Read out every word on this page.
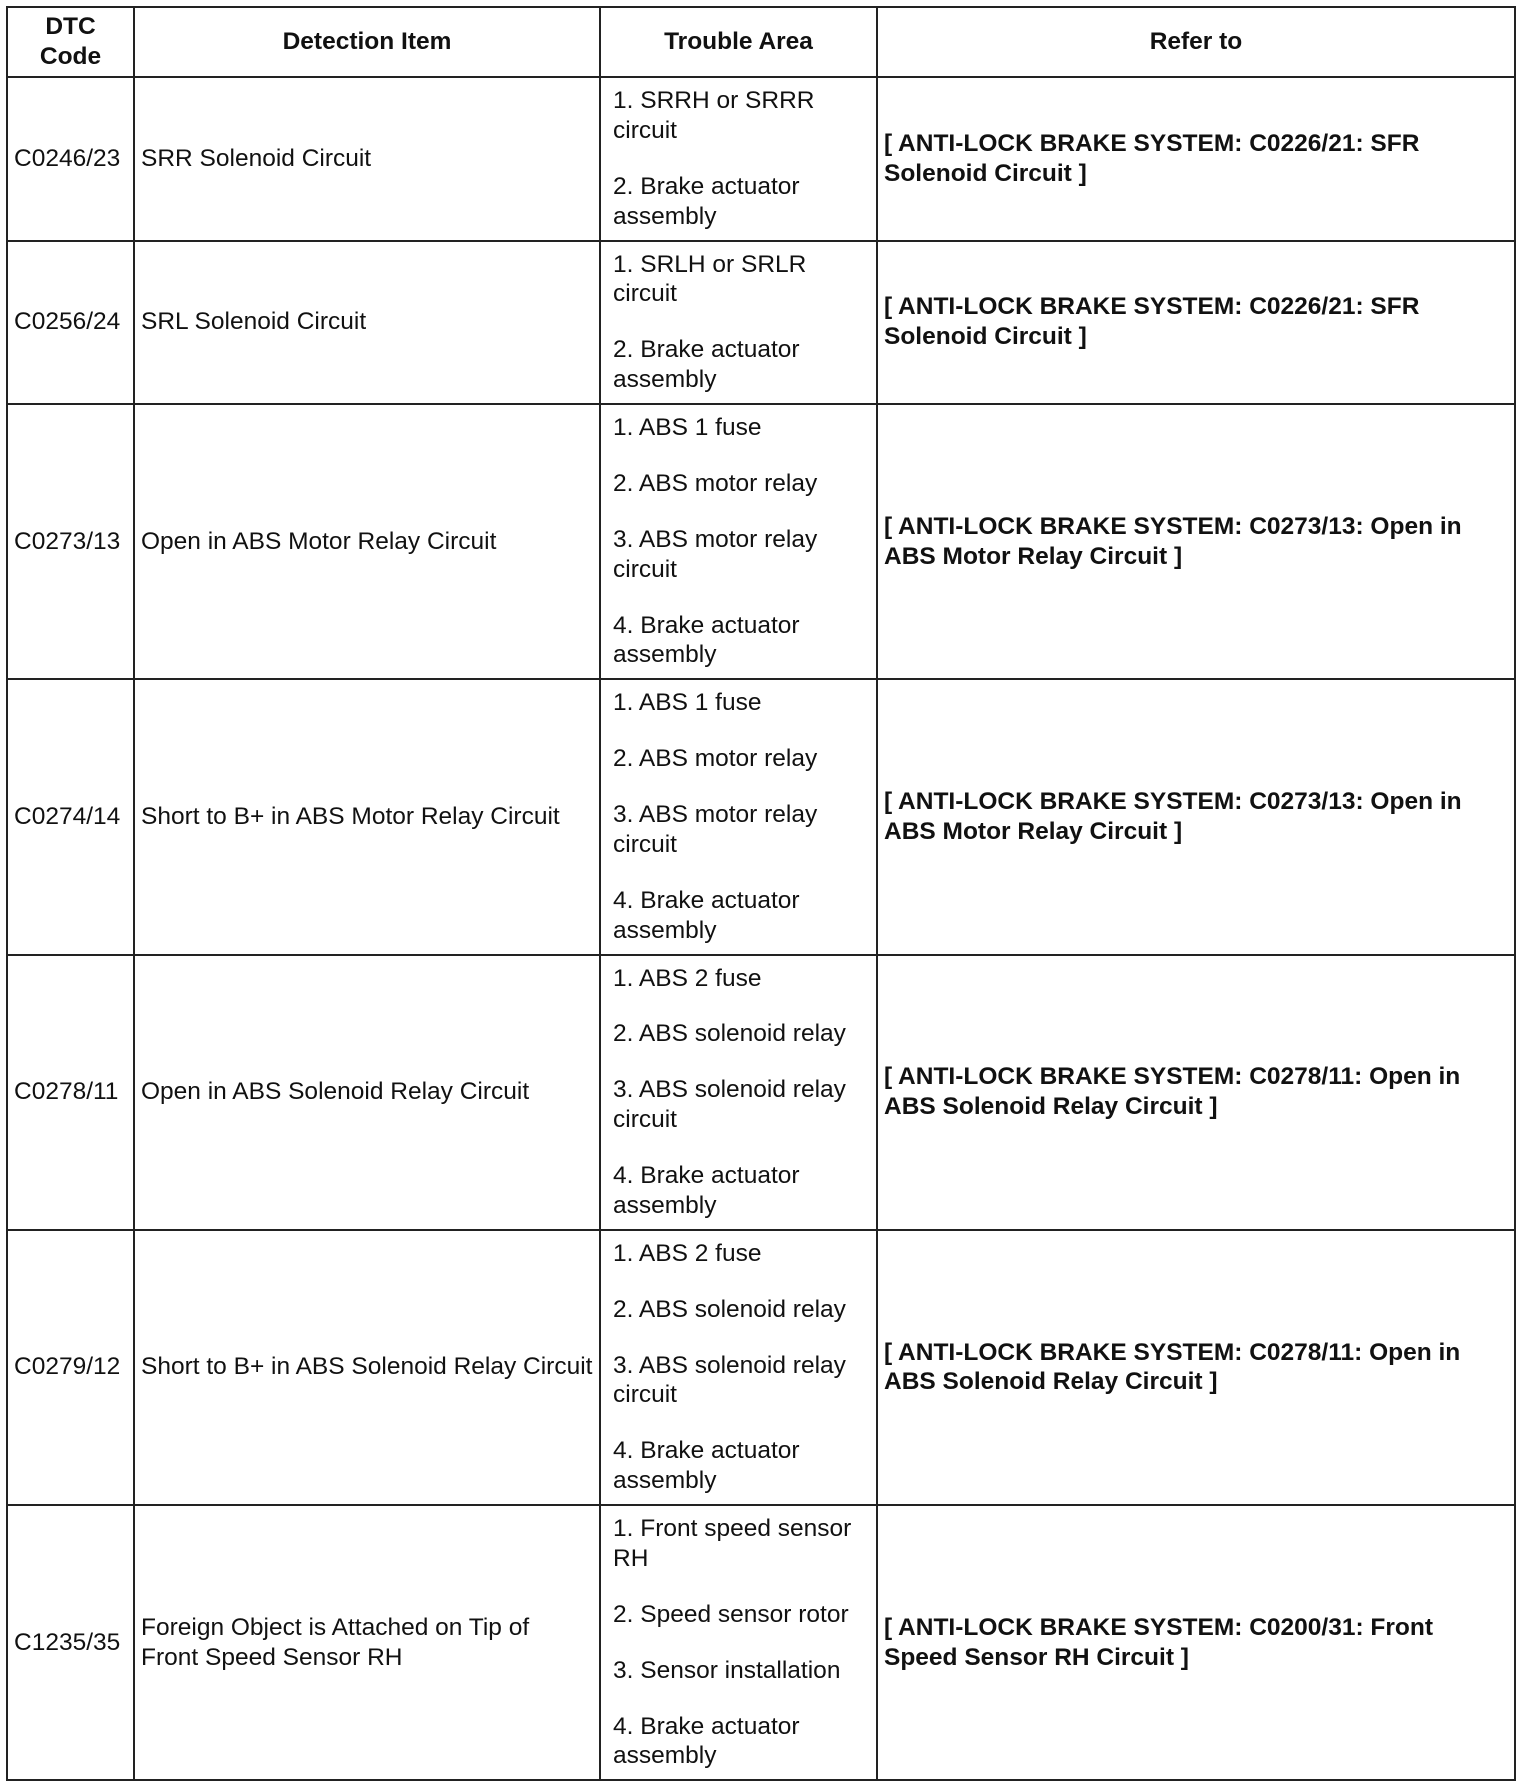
DTC Code	Detection Item	Trouble Area	Refer to
C0246/23	SRR Solenoid Circuit	1. SRRH or SRRR circuit
2. Brake actuator assembly	[ ANTI-LOCK BRAKE SYSTEM: C0226/21: SFR Solenoid Circuit ]
C0256/24	SRL Solenoid Circuit	1. SRLH or SRLR circuit
2. Brake actuator assembly	[ ANTI-LOCK BRAKE SYSTEM: C0226/21: SFR Solenoid Circuit ]
C0273/13	Open in ABS Motor Relay Circuit	1. ABS 1 fuse
2. ABS motor relay
3. ABS motor relay circuit
4. Brake actuator assembly	[ ANTI-LOCK BRAKE SYSTEM: C0273/13: Open in ABS Motor Relay Circuit ]
C0274/14	Short to B+ in ABS Motor Relay Circuit	1. ABS 1 fuse
2. ABS motor relay
3. ABS motor relay circuit
4. Brake actuator assembly	[ ANTI-LOCK BRAKE SYSTEM: C0273/13: Open in ABS Motor Relay Circuit ]
C0278/11	Open in ABS Solenoid Relay Circuit	1. ABS 2 fuse
2. ABS solenoid relay
3. ABS solenoid relay circuit
4. Brake actuator assembly	[ ANTI-LOCK BRAKE SYSTEM: C0278/11: Open in ABS Solenoid Relay Circuit ]
C0279/12	Short to B+ in ABS Solenoid Relay Circuit	1. ABS 2 fuse
2. ABS solenoid relay
3. ABS solenoid relay circuit
4. Brake actuator assembly	[ ANTI-LOCK BRAKE SYSTEM: C0278/11: Open in ABS Solenoid Relay Circuit ]
C1235/35	Foreign Object is Attached on Tip of Front Speed Sensor RH	1. Front speed sensor RH
2. Speed sensor rotor
3. Sensor installation
4. Brake actuator assembly	[ ANTI-LOCK BRAKE SYSTEM: C0200/31: Front Speed Sensor RH Circuit ]
